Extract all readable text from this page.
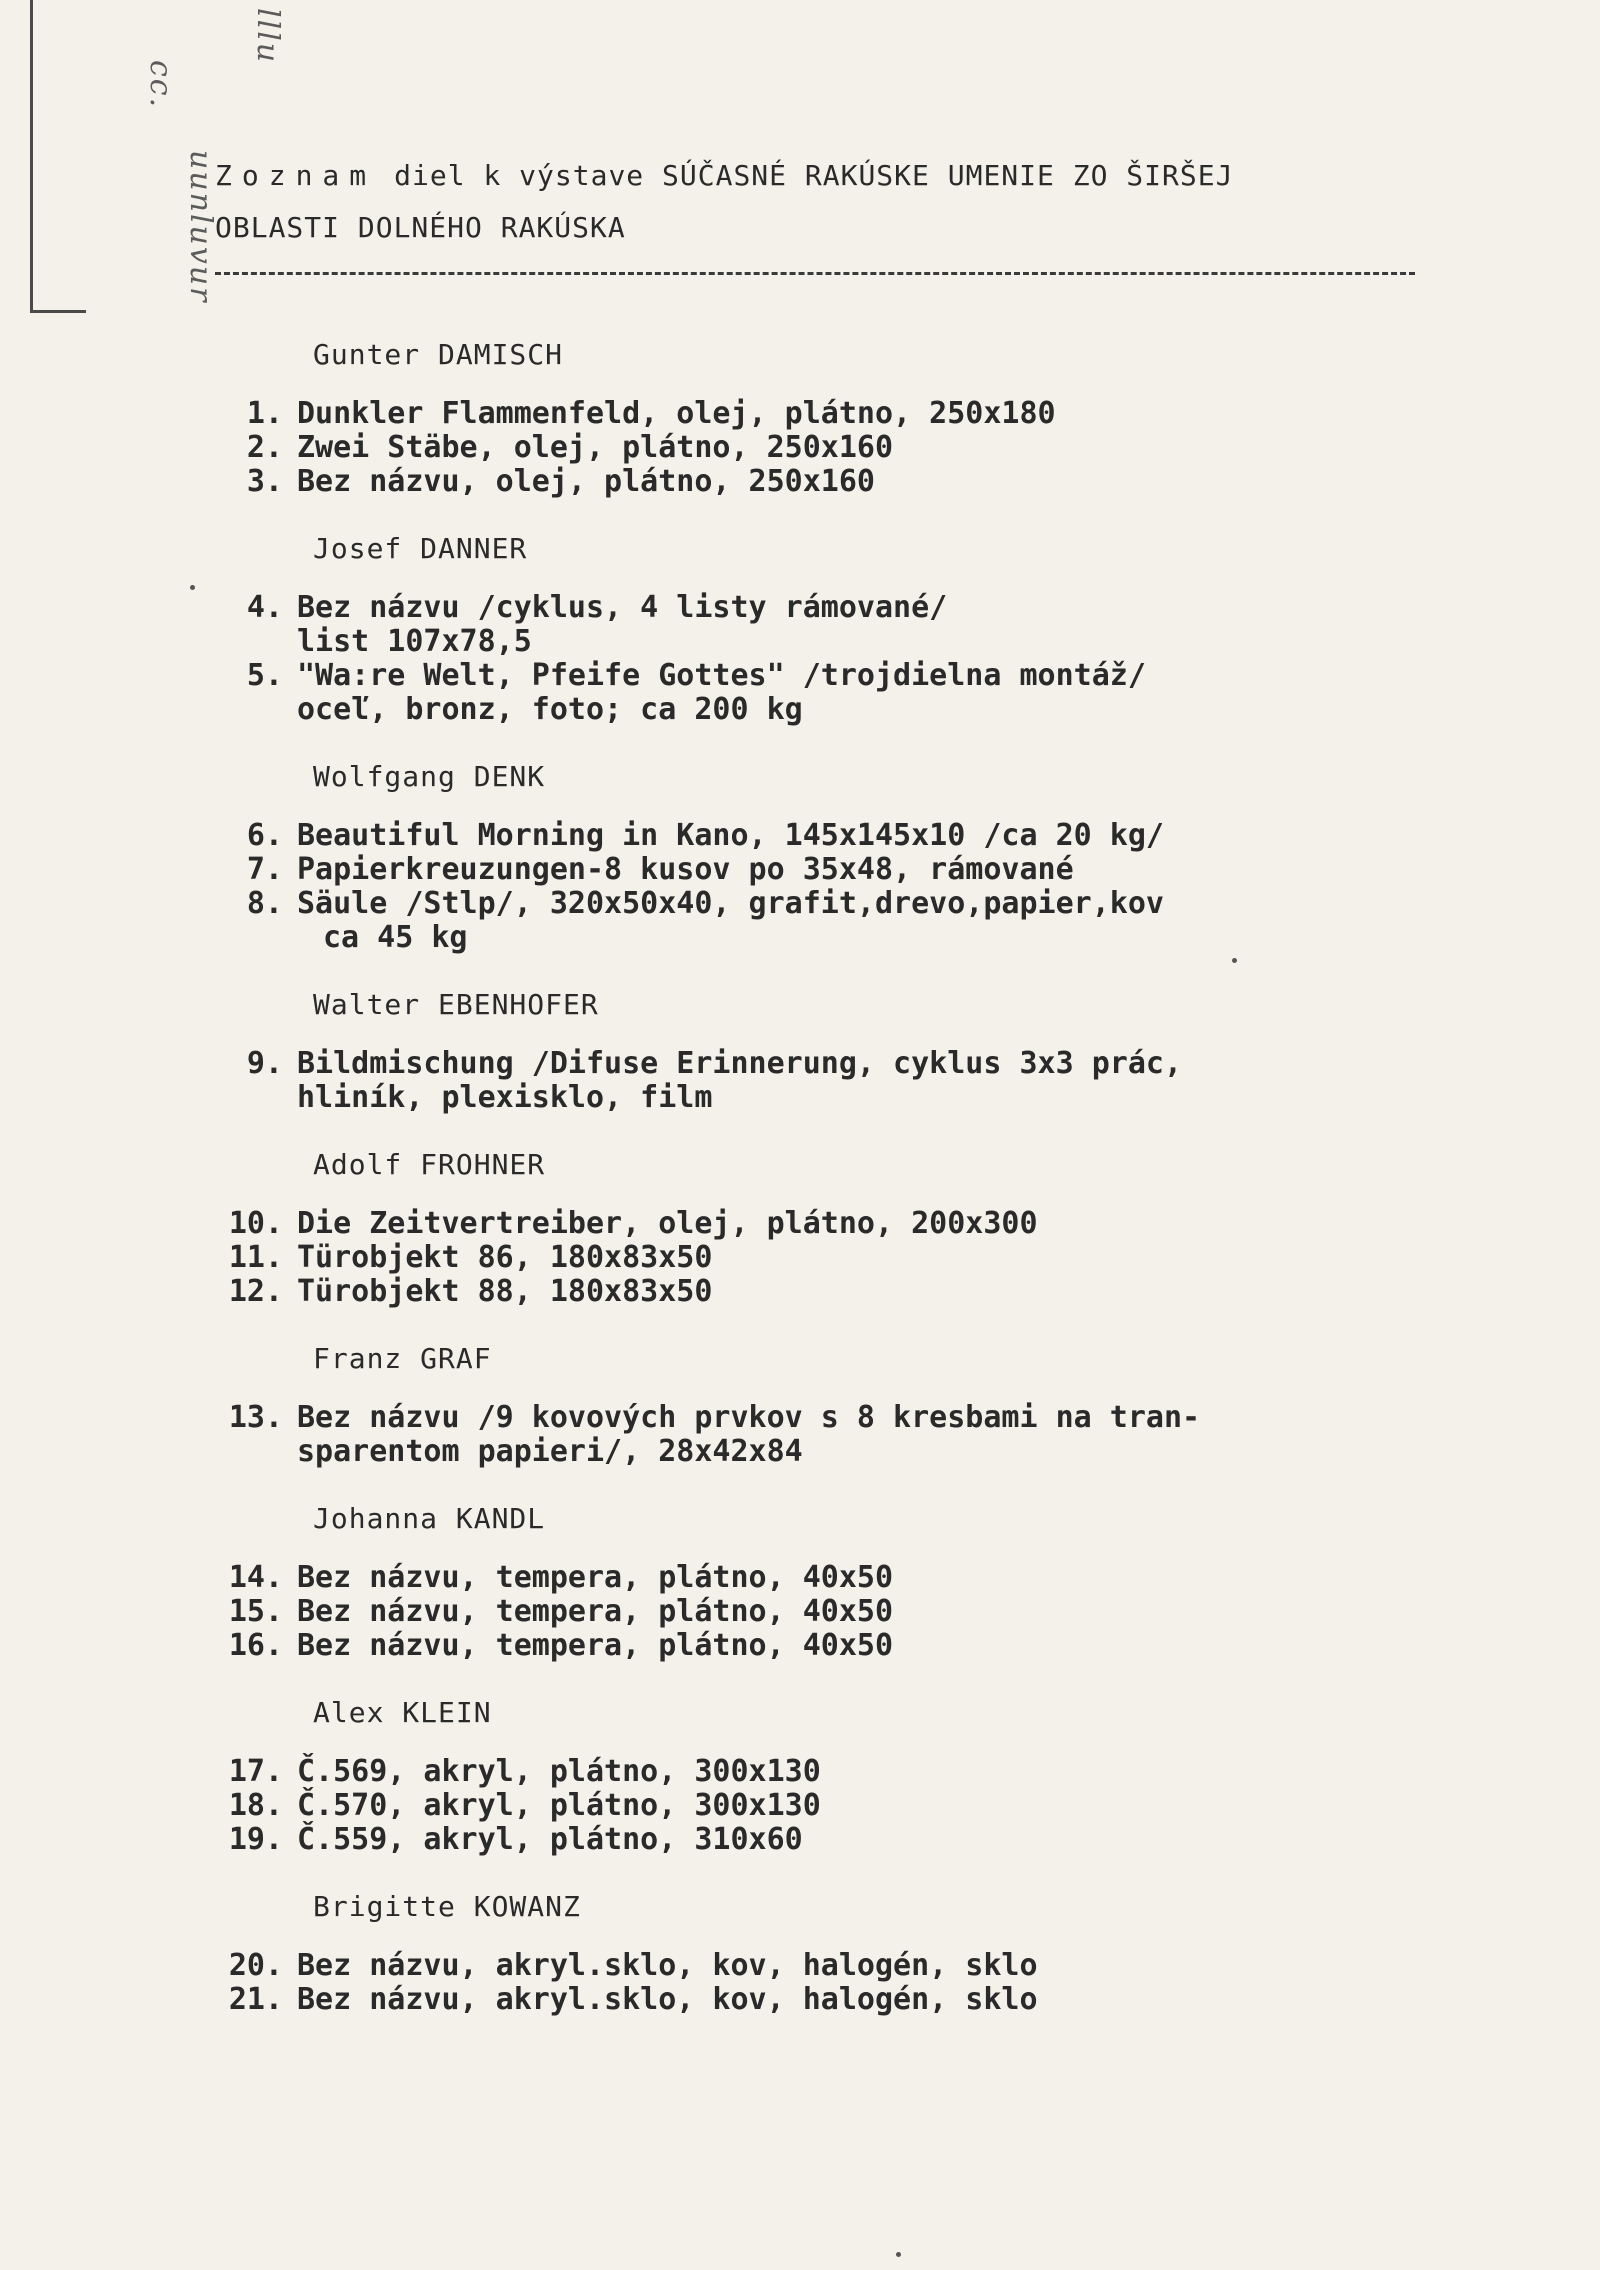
cc.
uunluvur
lllu
Zoznam diel k výstave SÚČASNÉ RAKÚSKE UMENIE ZO ŠIRŠEJ
OBLASTI DOLNÉHO RAKÚSKA
Gunter DAMISCH
1. Dunkler Flammenfeld, olej, plátno, 250x180
2. Zwei Stäbe, olej, plátno, 250x160
3. Bez názvu, olej, plátno, 250x160
Josef DANNER
4. Bez názvu /cyklus, 4 listy rámované/
list 107x78,5
5. "Wa:re Welt, Pfeife Gottes" /trojdielna montáž/
oceľ, bronz, foto; ca 200 kg
Wolfgang DENK
6. Beautiful Morning in Kano, 145x145x10 /ca 20 kg/
7. Papierkreuzungen-8 kusov po 35x48, rámované
8. Säule /Stlp/, 320x50x40, grafit,drevo,papier,kov
ca 45 kg
Walter EBENHOFER
9. Bildmischung /Difuse Erinnerung, cyklus 3x3 prác,
hliník, plexisklo, film
Adolf FROHNER
10. Die Zeitvertreiber, olej, plátno, 200x300
11. Türobjekt 86, 180x83x50
12. Türobjekt 88, 180x83x50
Franz GRAF
13. Bez názvu /9 kovových prvkov s 8 kresbami na tran-
sparentom papieri/, 28x42x84
Johanna KANDL
14. Bez názvu, tempera, plátno, 40x50
15. Bez názvu, tempera, plátno, 40x50
16. Bez názvu, tempera, plátno, 40x50
Alex KLEIN
17. Č.569, akryl, plátno, 300x130
18. Č.570, akryl, plátno, 300x130
19. Č.559, akryl, plátno, 310x60
Brigitte KOWANZ
20. Bez názvu, akryl.sklo, kov, halogén, sklo
21. Bez názvu, akryl.sklo, kov, halogén, sklo
